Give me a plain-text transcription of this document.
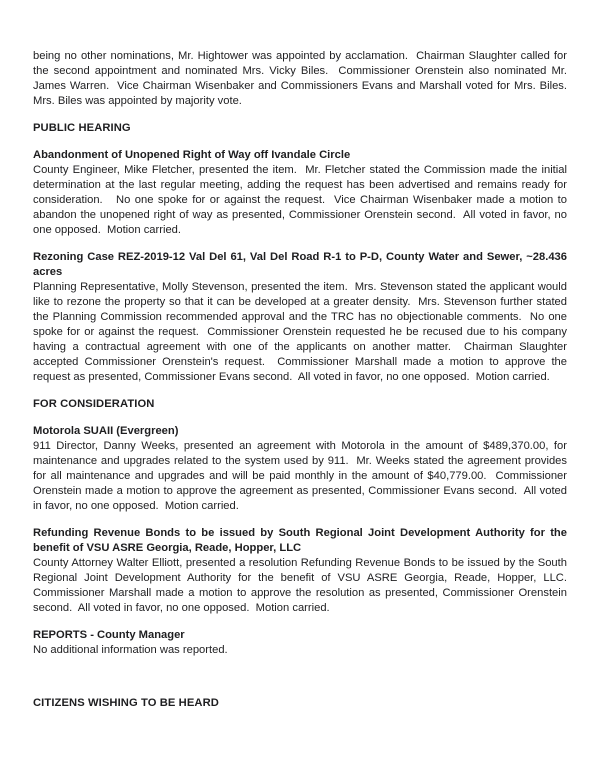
being no other nominations, Mr. Hightower was appointed by acclamation.  Chairman Slaughter called for the second appointment and nominated Mrs. Vicky Biles.  Commissioner Orenstein also nominated Mr. James Warren.  Vice Chairman Wisenbaker and Commissioners Evans and Marshall voted for Mrs. Biles.  Mrs. Biles was appointed by majority vote.

PUBLIC HEARING
Abandonment of Unopened Right of Way off Ivandale Circle

County Engineer, Mike Fletcher, presented the item.  Mr. Fletcher stated the Commission made the initial determination at the last regular meeting, adding the request has been advertised and remains ready for consideration.   No one spoke for or against the request.  Vice Chairman Wisenbaker made a motion to abandon the unopened right of way as presented, Commissioner Orenstein second.  All voted in favor, no one opposed.  Motion carried.

Rezoning Case REZ-2019-12 Val Del 61, Val Del Road R-1 to P-D, County Water and Sewer, ~28.436 acres

Planning Representative, Molly Stevenson, presented the item.  Mrs. Stevenson stated the applicant would like to rezone the property so that it can be developed at a greater density.  Mrs. Stevenson further stated the Planning Commission recommended approval and the TRC has no objectionable comments.  No one spoke for or against the request.  Commissioner Orenstein requested he be recused due to his company having a contractual agreement with one of the applicants on another matter.  Chairman Slaughter accepted Commissioner Orenstein's request.  Commissioner Marshall made a motion to approve the request as presented, Commissioner Evans second.  All voted in favor, no one opposed.  Motion carried.

FOR CONSIDERATION
Motorola SUAII (Evergreen)

911 Director, Danny Weeks, presented an agreement with Motorola in the amount of $489,370.00, for maintenance and upgrades related to the system used by 911.  Mr. Weeks stated the agreement provides for all maintenance and upgrades and will be paid monthly in the amount of $40,779.00.  Commissioner Orenstein made a motion to approve the agreement as presented, Commissioner Evans second.  All voted in favor, no one opposed.  Motion carried.

Refunding Revenue Bonds to be issued by South Regional Joint Development Authority for the benefit of VSU ASRE Georgia, Reade, Hopper, LLC

County Attorney Walter Elliott, presented a resolution Refunding Revenue Bonds to be issued by the South Regional Joint Development Authority for the benefit of VSU ASRE Georgia, Reade, Hopper, LLC.   Commissioner Marshall made a motion to approve the resolution as presented, Commissioner Orenstein second.  All voted in favor, no one opposed.  Motion carried.

REPORTS - County Manager

No additional information was reported.

CITIZENS WISHING TO BE HEARD
